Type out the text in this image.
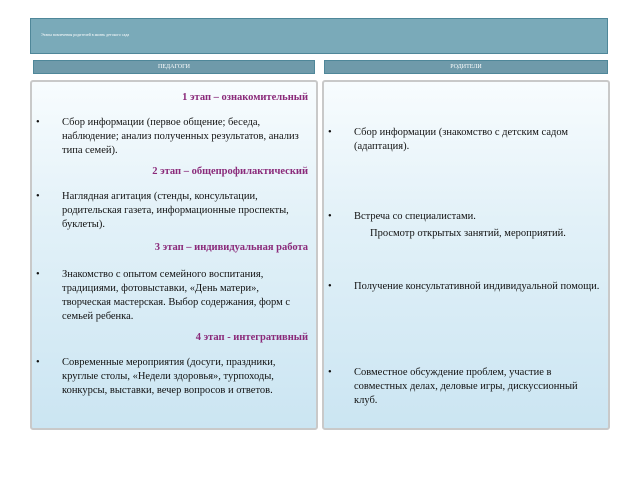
Этапы вовлечения родителей в жизнь детского сада
ПЕДАГОГИ	РОДИТЕЛИ
1 этап – ознакомительный
• Сбор информации (первое общение; беседа, наблюдение; анализ полученных результатов, анализ типа семей).
2 этап – общепрофилактический
• Наглядная агитация (стенды, консультации, родительская газета, информационные проспекты, буклеты).
3 этап – индивидуальная работа
• Знакомство с опытом семейного воспитания, традициями, фотовыставки, «День матери», творческая мастерская. Выбор содержания, форм с семьей ребенка.
4 этап - интегративный
• Современные мероприятия (досуги, праздники, круглые столы, «Недели здоровья», турпоходы, конкурсы, выставки, вечер вопросов и ответов.
• Сбор информации (знакомство с детским садом (адаптация).
• Встреча со специалистами.
Просмотр открытых занятий, мероприятий.
• Получение консультативной индивидуальной помощи.
• Совместное обсуждение проблем, участие в совместных делах, деловые игры, дискуссионный клуб.
